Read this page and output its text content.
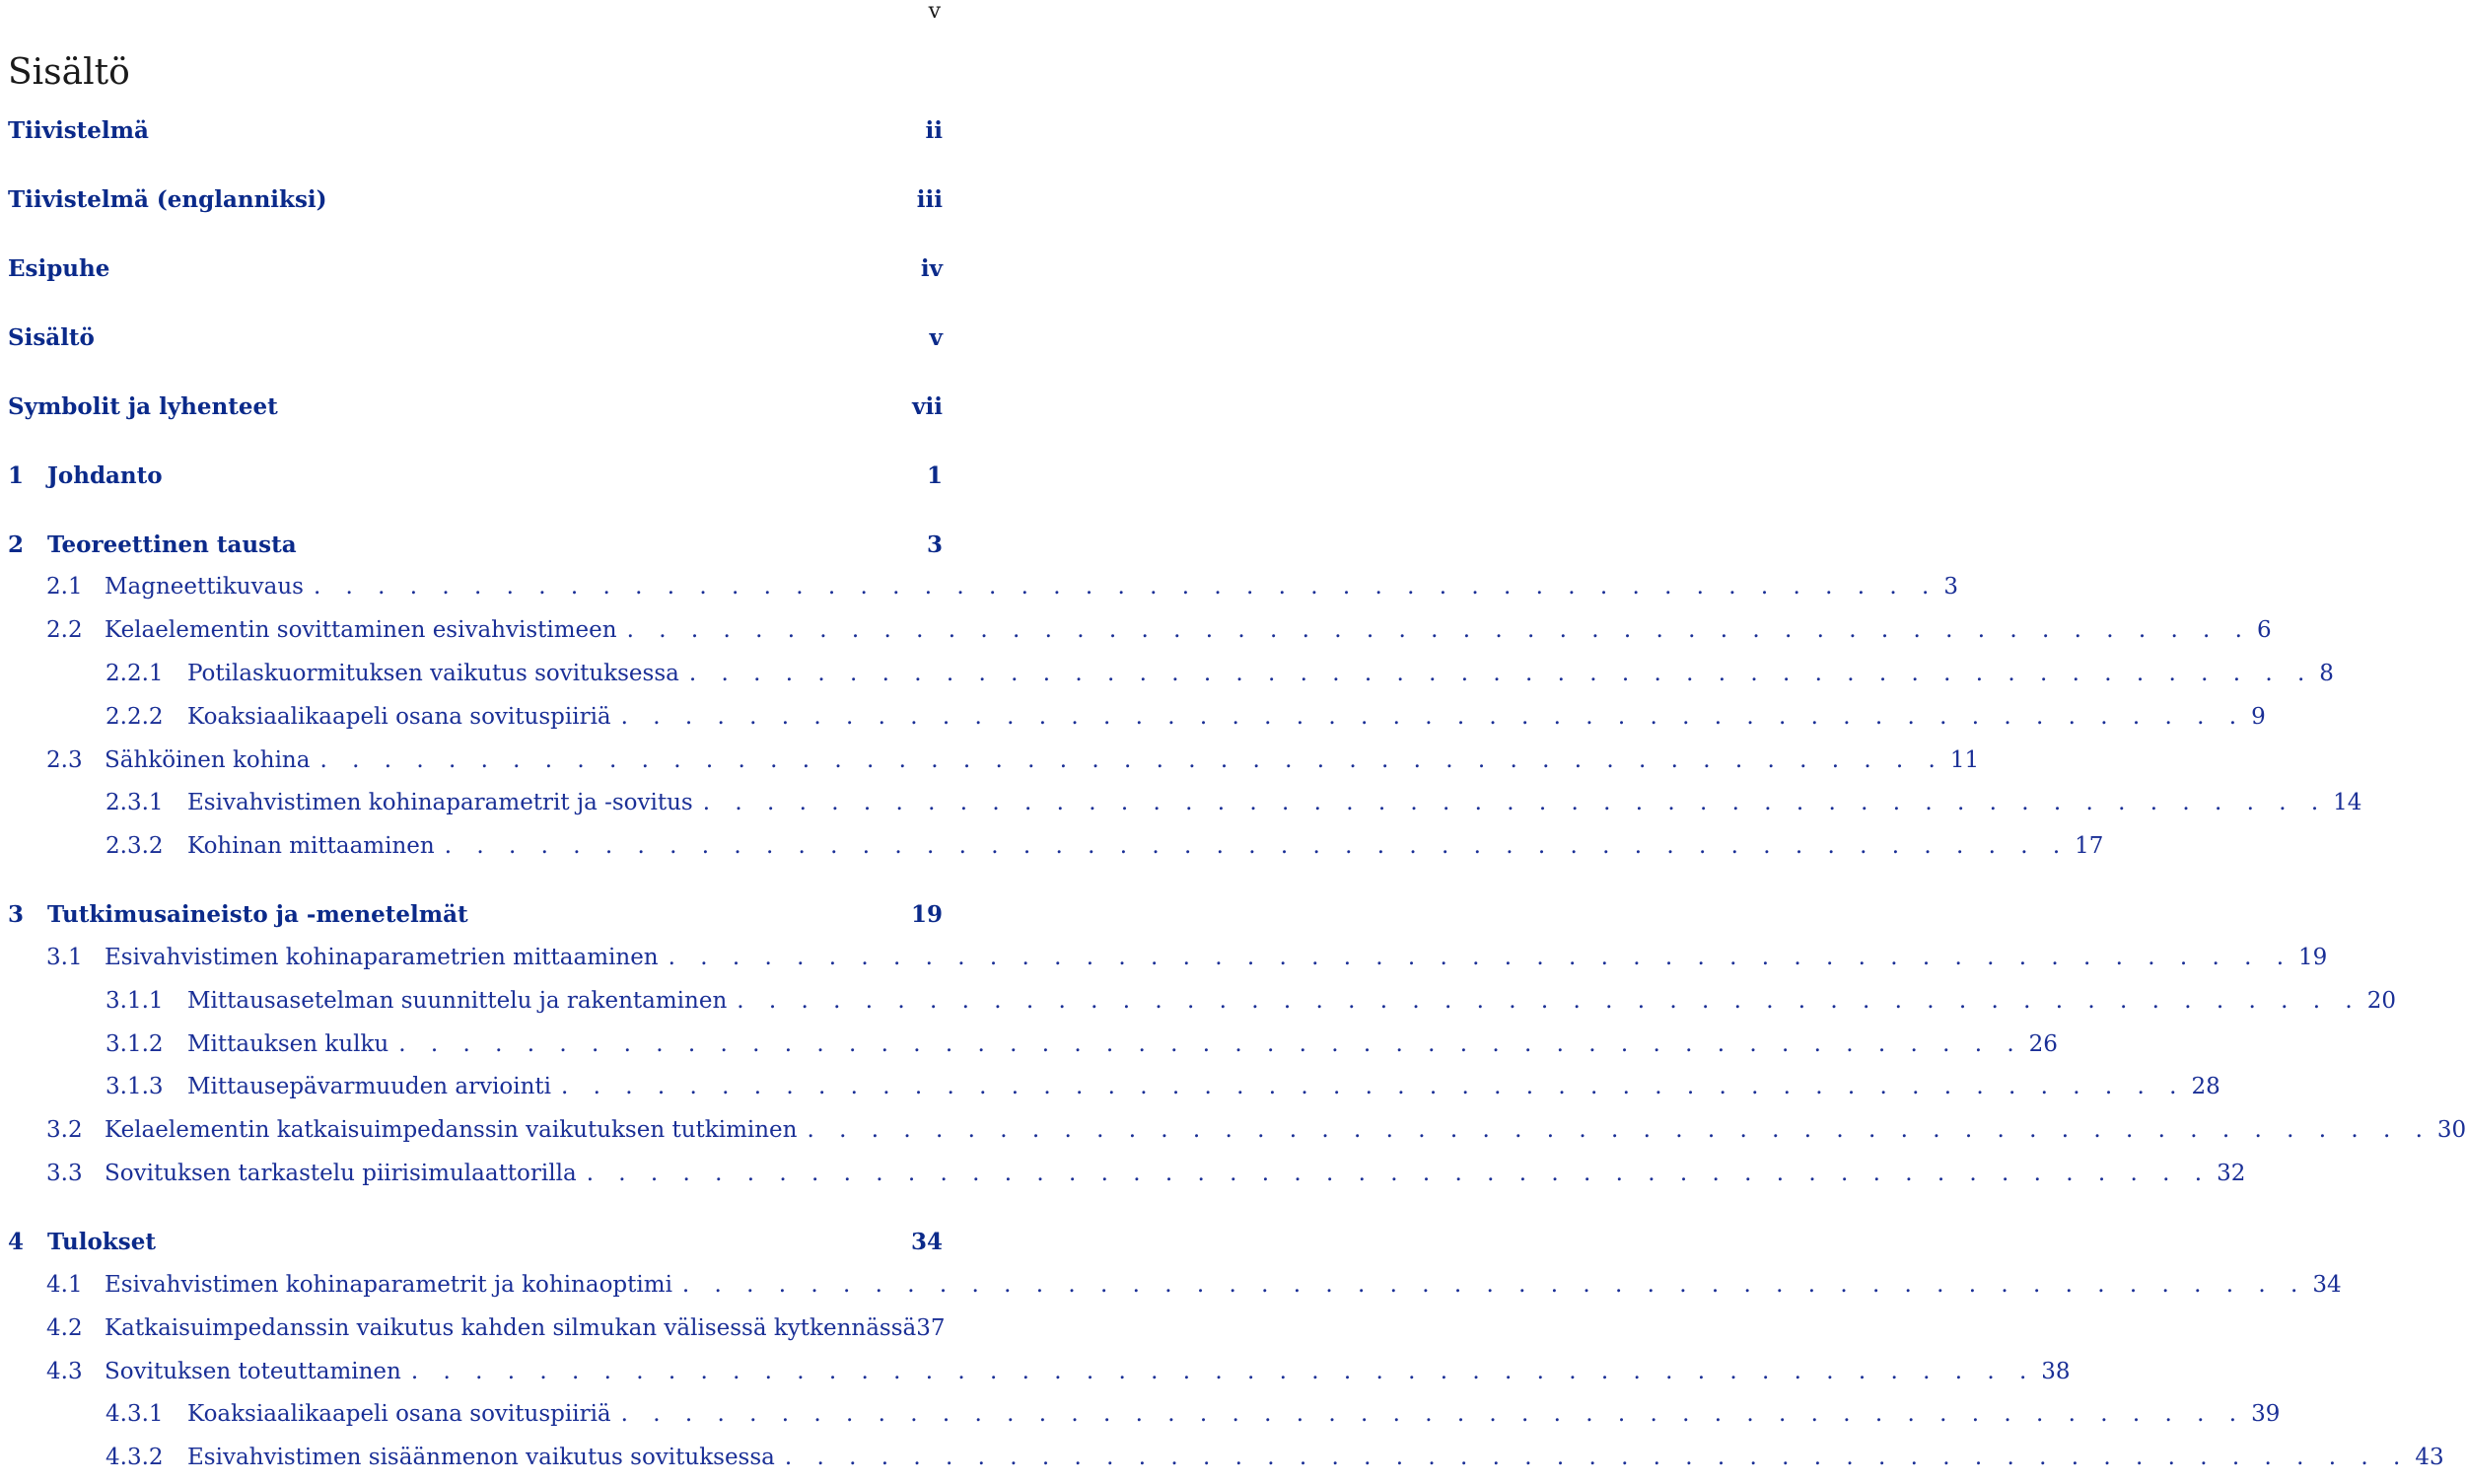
v
Sisältö
Tiivistelmä	ii
Tiivistelmä (englanniksi)	iii
Esipuhe	iv
Sisältö	v
Symbolit ja lyhenteet	vii
1	Johdanto	1
2	Teoreettinen tausta	3
2.1 Magneettikuvaus . . . . . . . . . . . . . . . . . . . . . . . . . . . . . . . . . . . . . . . . . . . . . . . . . . . 3
2.2 Kelaelementin sovittaminen esivahvistimeen . . . . . . . . . . . . . . . . . . . . . . . . . . . . . . . . . . . . . . . . . . . . . . . . . . . 6
2.2.1	Potilaskuormituksen vaikutus sovituksessa . . . . . . . . . . . . . . . . . . . . . . . . . . . . . . . . . . . . . . . . . . . . . . . . . . . 8
2.2.2	Koaksiaalikaapeli osana sovituspiiriä . . . . . . . . . . . . . . . . . . . . . . . . . . . . . . . . . . . . . . . . . . . . . . . . . . . 9
2.3 Sähköinen kohina . . . . . . . . . . . . . . . . . . . . . . . . . . . . . . . . . . . . . . . . . . . . . . . . . . . 11
2.3.1	Esivahvistimen kohinaparametrit ja -sovitus . . . . . . . . . . . . . . . . . . . . . . . . . . . . . . . . . . . . . . . . . . . . . . . . . . . 14
2.3.2	Kohinan mittaaminen . . . . . . . . . . . . . . . . . . . . . . . . . . . . . . . . . . . . . . . . . . . . . . . . . . . 17
3	Tutkimusaineisto ja -menetelmät	19
3.1 Esivahvistimen kohinaparametrien mittaaminen . . . . . . . . . . . . . . . . . . . . . . . . . . . . . . . . . . . . . . . . . . . . . . . . . . . 19
3.1.1	Mittausasetelman suunnittelu ja rakentaminen . . . . . . . . . . . . . . . . . . . . . . . . . . . . . . . . . . . . . . . . . . . . . . . . . . . 20
3.1.2	Mittauksen kulku . . . . . . . . . . . . . . . . . . . . . . . . . . . . . . . . . . . . . . . . . . . . . . . . . . . 26
3.1.3	Mittausepävarmuuden arviointi . . . . . . . . . . . . . . . . . . . . . . . . . . . . . . . . . . . . . . . . . . . . . . . . . . . 28
3.2 Kelaelementin katkaisuimpedanssin vaikutuksen tutkiminen . . . . . . . . . . . . . . . . . . . . . . . . . . . . . . . . . . . . . . . . . . . . . . . . . . . 30
3.3 Sovituksen tarkastelu piirisimulaattorilla . . . . . . . . . . . . . . . . . . . . . . . . . . . . . . . . . . . . . . . . . . . . . . . . . . . 32
4	Tulokset	34
4.1 Esivahvistimen kohinaparametrit ja kohinaoptimi . . . . . . . . . . . . . . . . . . . . . . . . . . . . . . . . . . . . . . . . . . . . . . . . . . . 34
4.2 Katkaisuimpedanssin vaikutus kahden silmukan välisessä kytkennässä 37
4.3 Sovituksen toteuttaminen . . . . . . . . . . . . . . . . . . . . . . . . . . . . . . . . . . . . . . . . . . . . . . . . . . . 38
4.3.1	Koaksiaalikaapeli osana sovituspiiriä . . . . . . . . . . . . . . . . . . . . . . . . . . . . . . . . . . . . . . . . . . . . . . . . . . . 39
4.3.2	Esivahvistimen sisäänmenon vaikutus sovituksessa . . . . . . . . . . . . . . . . . . . . . . . . . . . . . . . . . . . . . . . . . . . . . . . . . . . 43
